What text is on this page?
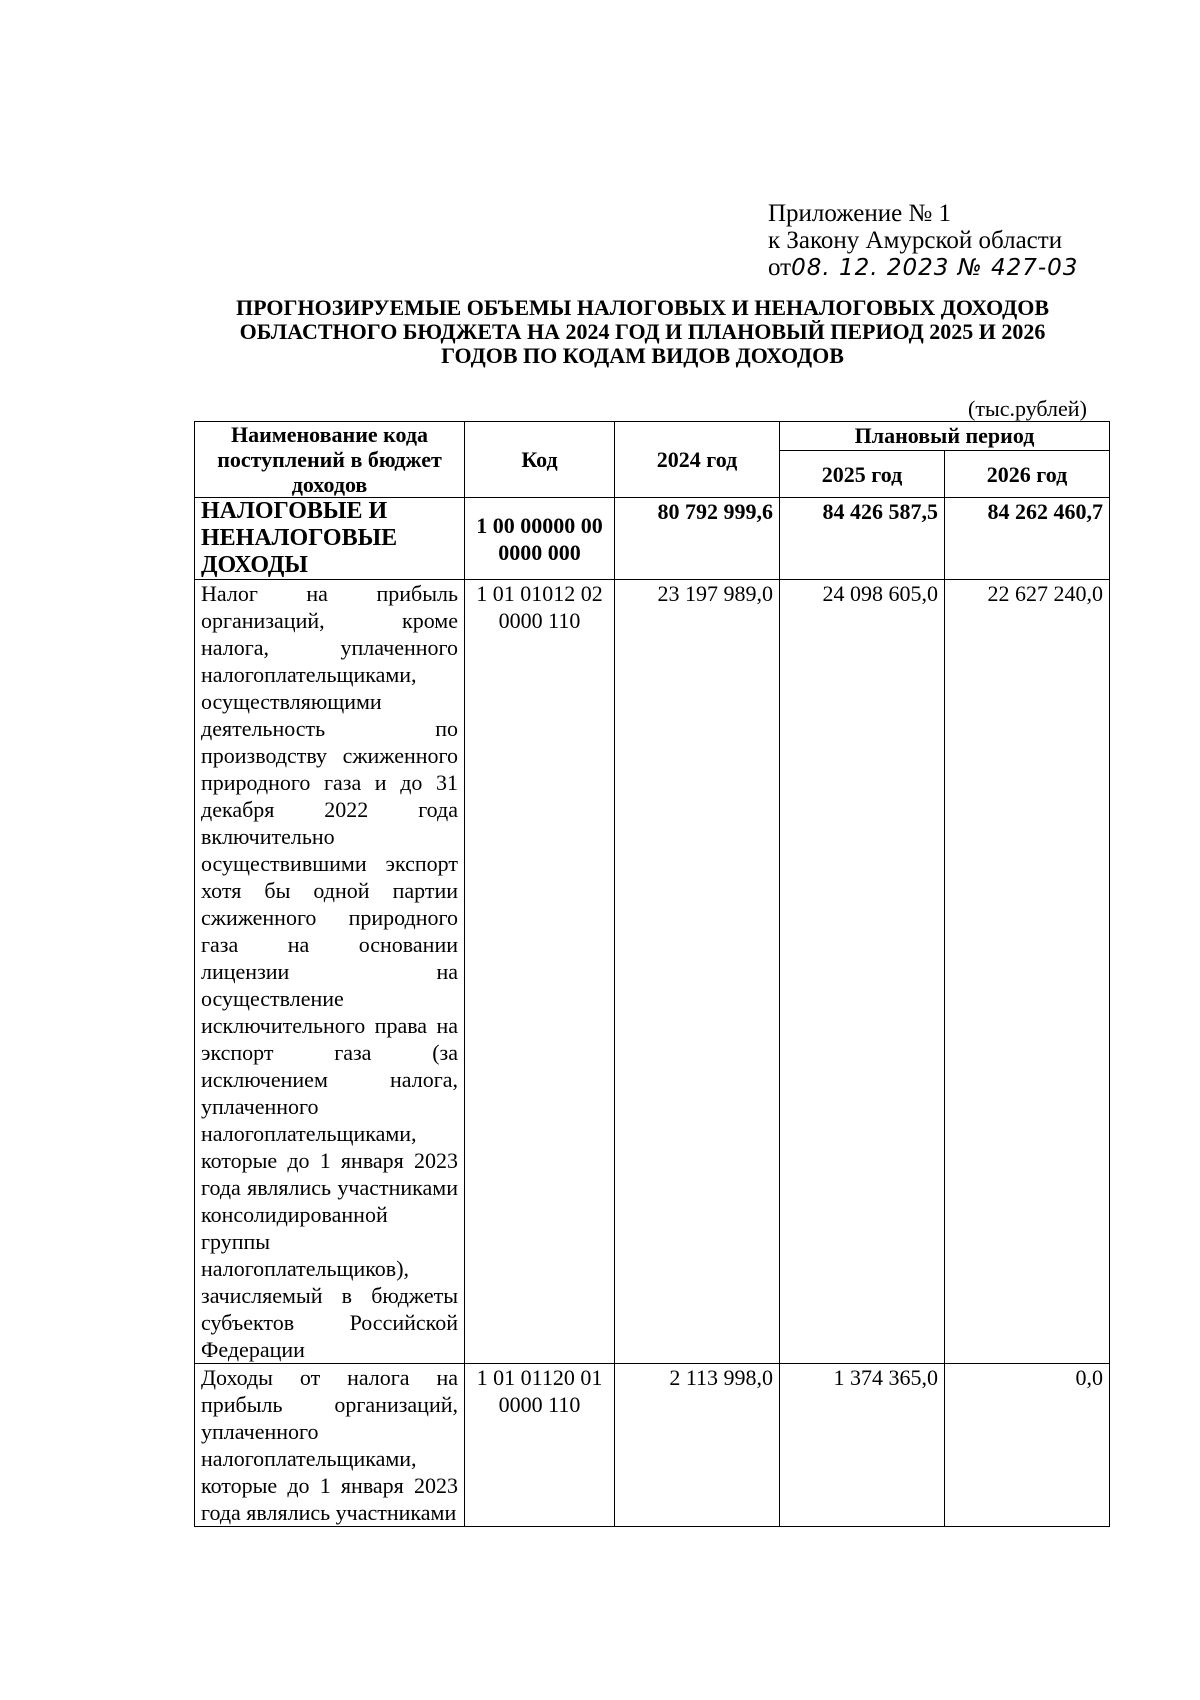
Приложение № 1
к Закону Амурской области
от08. 12. 2023 № 427-03
ПРОГНОЗИРУЕМЫЕ ОБЪЕМЫ НАЛОГОВЫХ И НЕНАЛОГОВЫХ ДОХОДОВ
ОБЛАСТНОГО БЮДЖЕТА НА 2024 ГОД И ПЛАНОВЫЙ ПЕРИОД 2025 И 2026
ГОДОВ ПО КОДАМ ВИДОВ ДОХОДОВ
(тыс.рублей)
Наименование кода поступлений в бюджет доходов	Код	2024 год	Плановый период	
			2025 год	2026 год
НАЛОГОВЫЕ И НЕНАЛОГОВЫЕ ДОХОДЫ	1 00 00000 00 0000 000	80 792 999,6	84 426 587,5	84 262 460,7
Налог на прибыль организаций, кроме налога, уплаченного налогоплательщиками, осуществляющими деятельность по производству сжиженного природного газа и до 31 декабря 2022 года включительно осуществившими экспорт хотя бы одной партии сжиженного природного газа на основании лицензии на осуществление исключительного права на экспорт газа (за исключением налога, уплаченного налогоплательщиками, которые до 1 января 2023 года являлись участниками консолидированной группы налогоплательщиков), зачисляемый в бюджеты субъектов Российской Федерации	1 01 01012 02 0000 110	23 197 989,0	24 098 605,0	22 627 240,0
Доходы от налога на прибыль организаций, уплаченного налогоплательщиками, которые до 1 января 2023 года являлись участниками	1 01 01120 01 0000 110	2 113 998,0	1 374 365,0	0,0
